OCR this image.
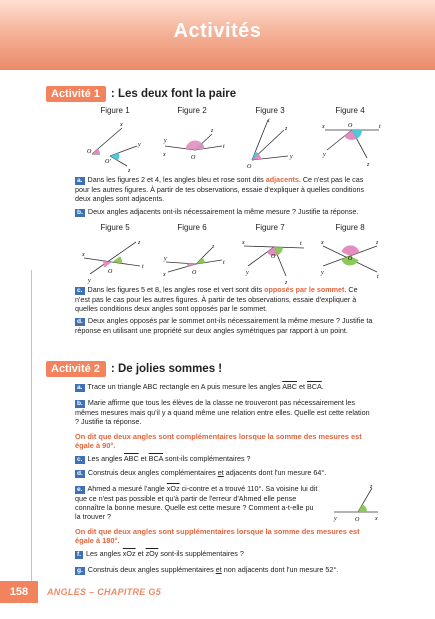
Activités
Activité 1 : Les deux font la paire
Figure 1	Figure 2	Figure 3	Figure 4
x
y
z
O
O'
z
t
y
x	O
t
z
y
O
x	t
O
y
z
a. Dans les figures 2 et 4, les angles bleu et rose sont dits adjacents. Ce n'est pas le cas pour les autres figures. À partir de tes observations, essaie d'expliquer à quelles conditions deux angles sont adjacents.
b. Deux angles adjacents ont-ils nécessairement la même mesure ? Justifie ta réponse.
Figure 5	Figure 6	Figure 7	Figure 8
x
z
t
y
O
z
t
y
x	O
x	t
O
y
z
x	z
y
t
O
c. Dans les figures 5 et 8, les angles rose et vert sont dits opposés par le sommet. Ce n'est pas le cas pour les autres figures. À partir de tes observations, essaie d'expliquer à quelles conditions deux angles sont opposés par le sommet.
d. Deux angles opposés par le sommet ont-ils nécessairement la même mesure ? Justifie ta réponse en utilisant une propriété sur deux angles symétriques par rapport à un point.
Activité 2 : De jolies sommes !
a. Trace un triangle ABC rectangle en A puis mesure les angles $\overline{ABC}$ et $\overline{BCA}$.
b. Marie affirme que tous les élèves de la classe ne trouveront pas nécessairement les mêmes mesures mais qu'il y a quand même une relation entre elles. Quelle est cette relation ? Justifie ta réponse.
On dit que deux angles sont complémentaires lorsque la somme des mesures est égale à 90°.
c. Les angles $\overline{ABC}$ et $\overline{BCA}$ sont-ils complémentaires ?
d. Construis deux angles complémentaires et adjacents dont l'un mesure 64°.
e. Ahmed a mesuré l'angle $\overline{xOz}$ ci-contre et a trouvé 110°. Sa voisine lui dit que ce n'est pas possible et qu'à partir de l'erreur d'Ahmed elle pense connaître la bonne mesure. Quelle est cette mesure ? Comment a-t-elle pu la trouver ?
z
y	x
O
On dit que deux angles sont supplémentaires lorsque la somme des mesures est égale à 180°.
f. Les angles $\overline{xOz}$ et $\overline{zOy}$ sont-ils supplémentaires ?
g. Construis deux angles supplémentaires et non adjacents dont l'un mesure 52°.
158	ANGLES – CHAPITRE G5
